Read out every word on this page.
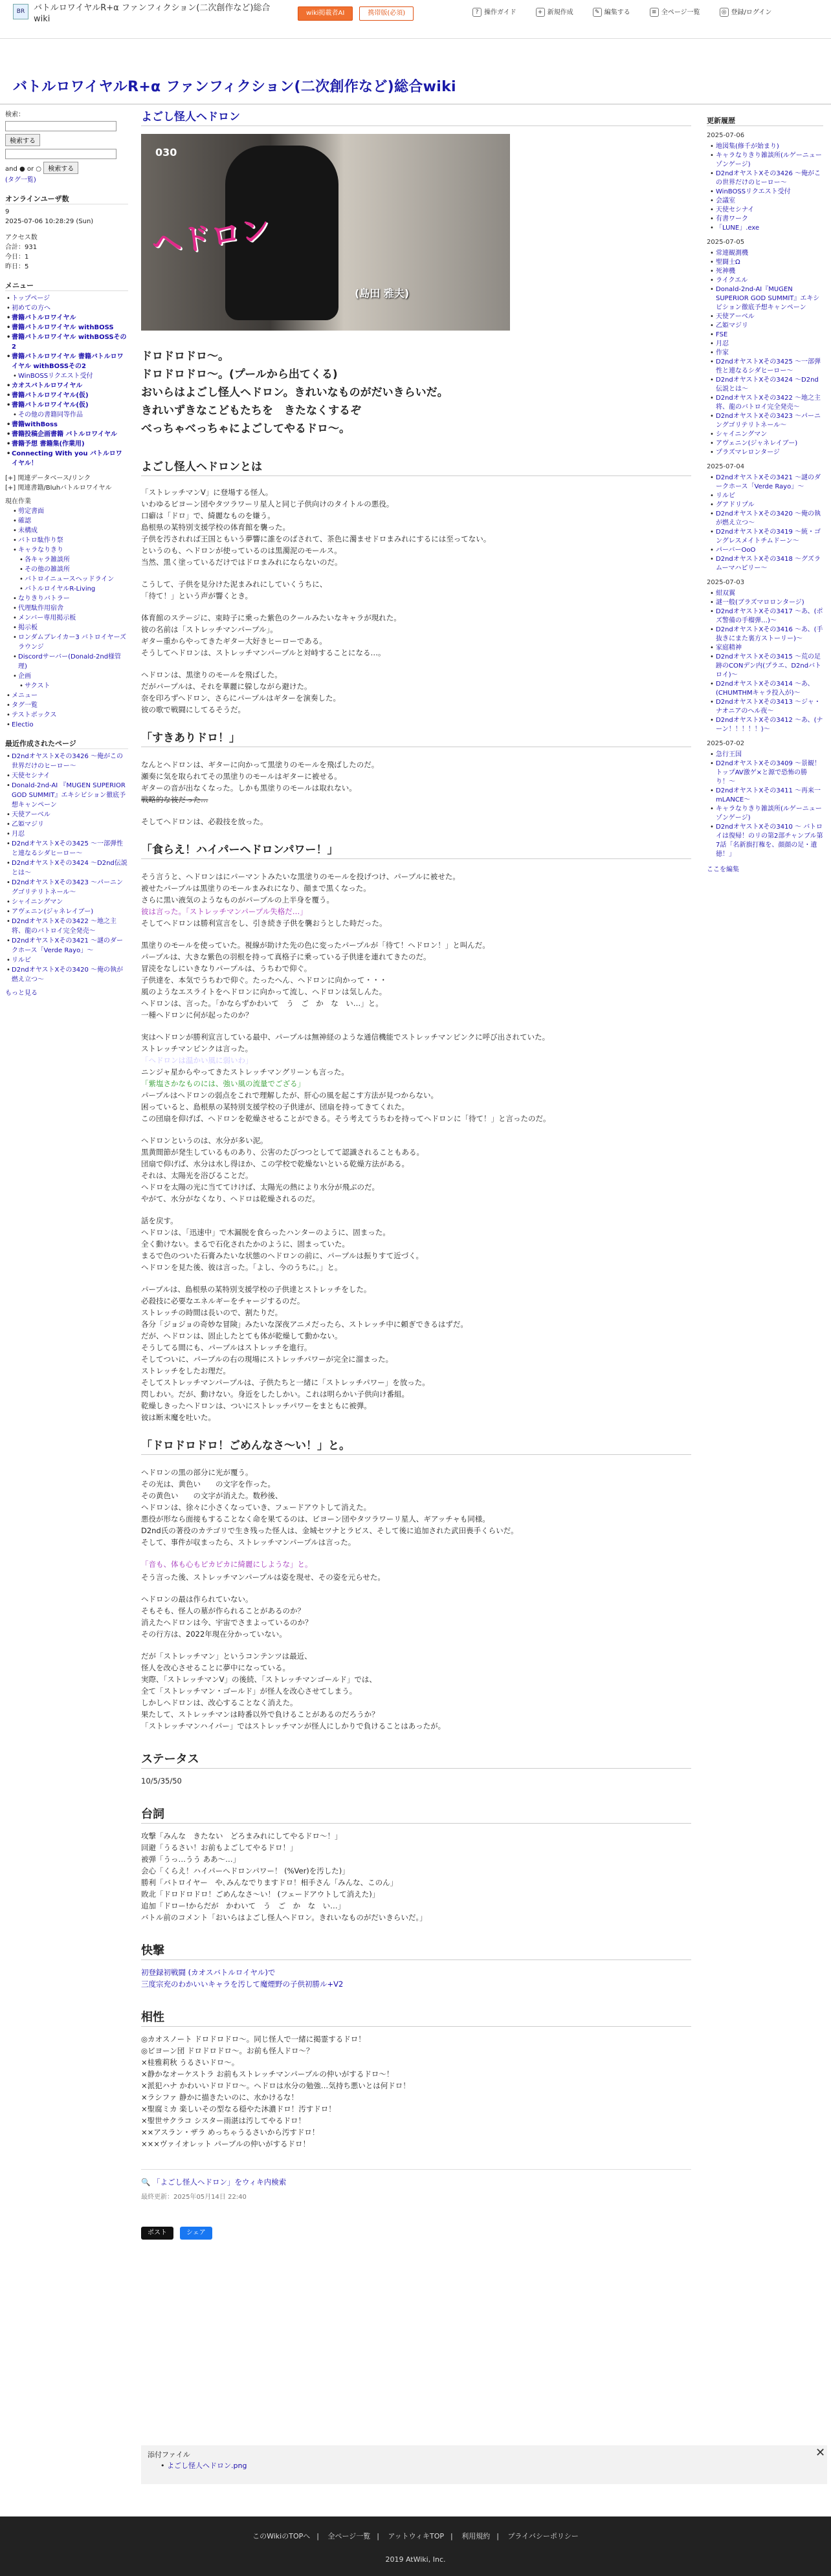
BR	バトルロワイヤルR+α ファンフィクション(二次創作など)総合wiki
wiki掲載者AI	携帯版(必須)	? 操作ガイド	+ 新規作成	✎ 編集する	≡ 全ページ一覧	◎ 登録/ログイン
バトルロワイヤルR+α ファンフィクション(二次創作など)総合wiki
検索：
検索する
and ● or ○ 検索する
(タグ一覧)
オンラインユーザ数
9
2025-07-06 10:28:29 (Sun)
アクセス数
合計：931
今日：1
昨日：5
メニュー
• トップページ
• 初めての方へ
• 書籍バトルロワイヤル
• 書籍バトルロワイヤル withBOSS
• 書籍バトルロワイヤル withBOSSその2
• 書籍バトルロワイヤル 書籍バトルロワイヤル withBOSSその2
• WinBOSSリクエスト受付
• カオスバトルロワイヤル
• 書籍バトルロワイヤル(仮)
• 書籍バトルロワイヤル(仮)
• その他の書籍同等作品
• 書籍withBoss
• 書籍投稿企画書籍 バトルロワイヤル
• 書籍予想 書籍集(作業用)
• Connecting With you バトルロワイヤル！
[+] 関連データベース/リンク
[+] 関連書籍/Bluhバトルロワイヤル
現在作業
• 剪定書面
• 確認
• 未構成
• バトロ駄作り祭
• キャラなりきり
• 各キャラ雑談所
• その他の雑談所
• バトロイニュースヘッドライン
• バトルロイヤルR-Living
• なりきりバトラー
• 代理駄作用宿舎
• メンバー専用掲示板
• 掲示板
• ロンダムブレイカー3 バトロイヤーズラウンジ
• Discordサーバー(Donald-2nd様管理)
• 企画
• サクスト
• メニュー
• タグ一覧
• テストボックス
• Electio
最近作成されたページ
• D2ndオヤストXその3426 〜俺がこの世界だけのヒーロー〜
• 天使セシナイ
• Donald-2nd-AI 『MUGEN SUPERIOR GOD SUMMIT』エキシビション徹底予想キャンペーン
• 天使アーベル
• 乙姫マジリ
• 月忍
• D2ndオヤストXその3425 〜一部弾性と連なるシダヒーロー〜
• D2ndオヤストXその3424 〜D2nd伝説とは〜
• D2ndオヤストXその3423 〜パーニングゴリテリトネール〜
• シャイニングマン
• アヴェニン(ジャネレイブー)
• D2ndオヤストXその3422 〜地之主将、龍のバトロイ完全発売〜
• D2ndオヤストXその3421 〜謎のダークホース「Verde Rayo」〜
• リルビ
• D2ndオヤストXその3420 〜俺の執が燃え立つ〜
もっと見る
更新履歴
2025-07-06
• 地図集(修千が始まり)
• キャラなりきり雑談所(ルゲーニューゾンゲージ)
• D2ndオヤストXその3426 〜俺がこの世界だけのヒーロー〜
• WinBOSSリクエスト受付
• 会議室
• 天使セシナイ
• 有書ワーク
• 「LUNE」.exe
2025-07-05
• 常連観測機
• 聖闘士Ω
• 死神機
• ライクエル
• Donald-2nd-AI『MUGEN SUPERIOR GOD SUMMIT』エキシビション徹底予想キャンペーン
• 天使アーベル
• 乙姫マジリ
• FSE
• 月忍
• 作家
• D2ndオヤストXその3425 〜一部弾性と連なるシダヒーロー〜
• D2ndオヤストXその3424 〜D2nd伝説とは〜
• D2ndオヤストXその3422 〜地之主将、龍のバトロイ完全発売〜
• D2ndオヤストXその3423 〜パーニングゴリテリトネール〜
• シャイニングマン
• アヴェニン(ジャネレイブー)
• プラズマレロンタージ
2025-07-04
• D2ndオヤストXその3421 〜謎のダークホース「Verde Rayo」〜
• リルビ
• グアドリプル
• D2ndオヤストXその3420 〜俺の執が燃え立つ〜
• D2ndオヤストXその3419 〜統・ゴングレスメイトチムドーン〜
• パーバーOoO
• D2ndオヤストXその3418 〜グズラムーマハピリー〜
2025-07-03
• 紺双翼
• 謎一般(ブラズマロロンタージ)
• D2ndオヤストXその3417 〜あ、(ポズ警備の手榴弾…)〜
• D2ndオヤストXその3416 〜あ、(手抜きにまた裏方ストーリー)〜
• 家庭精神
• D2ndオヤストXその3415 〜荒の足跡のCONデン内(プラエ、D2ndバトロイ)〜
• D2ndオヤストXその3414 〜あ、(CHUMTHMキャラ投入が)〜
• D2ndオヤストXその3413 〜ジャ・ナオニアのヘル夜〜
• D2ndオヤストXその3412 〜あ、(ナーン！！！！！)〜
2025-07-02
• 急行王国
• D2ndオヤストXその3409 〜景観！トップAV激ゲ×と源で恐怖の勝り！〜
• D2ndオヤストXその3411 〜再来一mLANCE〜
• キャラなりきり雑談所(ルゲーニューゾンゲージ)
• D2ndオヤストXその3410 〜 バトロイは復帰！のリの第2部チャンブル第7話「名新旗打権を、顔顔の足・遺徳！」
ここを編集
よごし怪人ヘドロン
030
ヘドロン
(島田 雅夫)
ドロドロドロ〜。
ドロドロドロ〜。(プールから出てくる)
おいらはよごし怪人ヘドロン。きれいなものがだいきらいだ。
きれいずきなこどもたちを　きたなくするぞ
べっちゃべっちゃによごしてやるドロ〜。
よごし怪人ヘドロンとは
「ストレッチマンV」に登場する怪人。
いわゆるビヨーン団やタツラワーリ星人と同じ子供向けのタイトルの悪役。
口癖は「ドロ」で、綺麗なものを嫌う。
島根県の某特別支援学校の体育館を襲った。
子供を汚されれば王国ともいう夢響に誰をのばされて、茶色に濁ませドロまみれにするには至ってない。
というのも、ヘドロンが使っているのは黒濁泥のモールス。
当然、黒く塗っているだけではドロまみれにならないのだ。
こうして、子供を見分けた泥まみれにしていくうちに、
「待て！」という声が響くとき。
体育館のステージに、束時子に乗った紫色のクールみたいなキャラが現れた。
彼の名前は「ストレッチマンパープル」。
ギター重からやってきたギター大好きヒーローである。
そうしてヘドロンは、ストレッチマンパープルと対峙することになる…。
ヘドロンは、黒塗りのモールを飛ばした。
だがパープルは、それを華麗に躱しながら避けた。
奈を印ろずヘドロン、さらにパープルはギターを演奏した。
彼の歌で戦闘にしてるそうだ。
「すきありドロ！」
なんとヘドロンは、ギターに向かって黒塗りのモールを飛ばしたのだ。
瀬奏に気を取られてその黒塗りのモールはギターに被せる。
ギターの音が出なくなった。しかも黒塗りのモールは取れない。
戦略的な彼だった…
そしてヘドロンは、必殺技を放った。
「食らえ！ハイパーヘドロンパワー！」
そう言うと、ヘドロンはにパーマントみたいな黒塗りのモールを投げつけ、パープルに被せた。
被せたパープルは黒塗りのモールまみれになり、顔まで黒くなった。
さらに黒い液気のようなものがパープルの上半身を覆う。
彼は言った。「ストレッチマンパープル失格だ…」
そしてヘドロンは勝利宣言をし、引き続き子供を襲おうとした時だった。
黒塗りのモールを使っていた。視線が助けた先の色に変ったパープルが「待て！ヘドロン！」と叫んだ。
パープルは、大きな紫色の羽根を持って真格子に乗っている子供達を連れてきたのだ。
冒涜をなしにいきなりパープルは、うちわで仰ぐ。
子供達を、本気でうちわで仰ぐ。たったへん、ヘドロンに向かって・・・
風のようなエスライトをヘドロンに向かって流し、ヘドロンは気しんた。
ヘドロンは、言った。「かならずかわいて　う　ご　か　な　い…」と。
一種ヘドロンに何が起ったのか？
実はヘドロンが勝利宣言している最中、パープルは無神経のような通信機能でストレッチマンピンクに呼び出されていた。
ストレッチマンピンクは言った。
「ヘドロンは温かい風に弱いわ」
ニンジャ星からやってきたストレッチマングリーンも言った。
「紫塩さかなものには、強い風の流量でござる」
パープルはヘドロンの弱点をこれで理解したが、肝心の風を起こす方法が見つからない。
困っていると、島根県の某特別支援学校の子供達が、団扇を持ってきてくれた。
この団扇を仰げば、ヘドロンを乾燥させることができる。そう考えてうちわを持ってヘドロンに「待て！」と言ったのだ。
ヘドロンというのは、水分が多い泥。
黒黄間節が発生しているものあり、公害のたびつつとしてて認識されることもある。
団扇で仰げば、水分は水し得ほか、この学校で乾燥ないといる乾燥方法がある。
それは、太陽光を浴びることだ。
ヘドロを太陽の光に当ててけけば、太陽光の熱により水分が飛ぶのだ。
やがて、水分がなくなり、ヘドロは乾燥されるのだ。
話を戻す。
ヘドロンは、「迅速中」で木漏脱を食らったハンターのように、固まった。
全く動けない。まるで石化されたかのように、固まっていた。
まるで色のついた石膏みたいな状態のヘドロンの前に、パープルは振りすて近づく。
ヘドロンを見た後、彼は言った。「よし、今のうちに。」と。
パープルは、島根県の某特別支援学校の子供達とストレッチをした。
必殺技に必要なエネルギーをチャージするのだ。
ストレッチの時間は長いので、割たりだ。
各分「ジョジョの奇妙な冒険」みたいな深夜アニメだったら、ストレッチ中に頼ぎできるはずだ。
だが、ヘドロンは、固止したとても体が乾燥して動かない。
そうしてる間にも、パープルはストレッチを進行。
そしてついに、パープルの右の現場にストレッチパワーが完全に溜まった。
ストレッチをしたお理だ。
そしてストレッチマンパープルは、子供たちと一緒に「ストレッチパワー」を放った。
閃しわい。だが、動けない。身近をしたしかい。これは明らかい子供向け番組。
乾燥しきったヘドロンは、ついにストレッチパワーをまともに被弾。
彼は断末魔を吐いた。
「ドロドロドロ！ごめんなさ〜い！」と。
ヘドロンの黒の部分に光が覆う。
その光は、黄色い　　の文字を作った。
その黄色い　　の文字が消えた。数秒後、
ヘドロンは、徐々に小さくなっていき、フェードアウトして消えた。
悪役が形なら面接もすることなく命を果てるのは、ビヨーン団やタツラワーリ星人、ギアッチャも同様。
D2nd氏の著役のカテゴリで生き残った怪人は、金城セツナとラビス、そして後に追加された武田喪手くらいだ。
そして、事件が収まったら、ストレッチマンパープルは言った。
「音も、体も心もピカピカに綺麗にしような」と。
そう言った後、ストレッチマンパープルは姿を現せ、その姿を元らせた。
ヘドロンの最は作られていない。
そもそも、怪人の墓が作られることがあるのか？
消えたヘドロンは今、宇宙でさまよっているのか？
その行方は、2022年現在分かっていない。
だが「ストレッチマン」というコンテンツは最近、
怪人を改心させることに夢中になっている。
実際、「ストレッチマンV」の後続、「ストレッチマンゴールド」では、
全て「ストレッチマン・ゴールド」が怪人を改心させてしまう。
しかしヘドロンは、改心することなく消えた。
果たして、ストレッチマンは時番以外で負けることがあるのだろうか？
「ストレッチマンハイパー」ではストレッチマンが怪人にしかりで負けることはあったが。
ステータス
10/5/35/50
台詞
攻撃「みんな　きたない　どろまみれにしてやるドロ〜！」
回避「うるさい！お前もよごしてやるドロ！」
被弾「うっ…うう ああ〜…」
会心「くらえ！ハイパーヘドロンパワー！ (%Ver)を汚した)」
勝利「バトロイヤー　や､みんなでりますドロ！相手さん「みんな、このん」
敗北「ドロドロドロ！ごめんなさ〜い！ (フェードアウトして消えた)」
追加「ドロー!からだが　かわいて　う　ご　か　な　い…」
バトル前のコメント「おいらはよごし怪人ヘドロン。きれいなものがだいきらいだ。」
快撃
初登録初戦闘 (カオスバトルロイヤル)で
三度宗充のわかいいキャラを汚して魔煙野の子供初勝ル+V2
相性
◎カオスノート ドロドロドロ〜。同じ怪人で一緒に掲霊するドロ！
◎ビヨーン団 ドロドロドロ〜。お前も怪人ドロ〜？
×桂雅莉秋 うるさいドロ〜。
×静かなオーケストラ お前もストレッチマンパープルの仲いがするドロ〜！
×派犯ハナ かわいいドロドロ〜。ヘドロは水分の勉強…気持ち悪いとは何ドロ！
×ラシファ 静かに描きたいのに、水かけるな！
×聖腐ミカ 楽しいその型なる穏やた沐濃ドロ！汚すドロ！
×聖世サクラコ シスター雨湛は汚してやるドロ！
××アスラン・ザラ めっちゃうるさいから汚すドロ！
×××ヴァイオレット パープルの仲いがするドロ！
🔍 「よごし怪人ヘドロン」をウィキ内検索
最終更新：2025年05月14日 22:40
ポスト	シェア
添付ファイル
• よごし怪人ヘドロン.png
✕
このWikiのTOPへ | 全ページ一覧 | アットウィキTOP | 利用規約 | プライバシーポリシー
2019 AtWiki, Inc.
